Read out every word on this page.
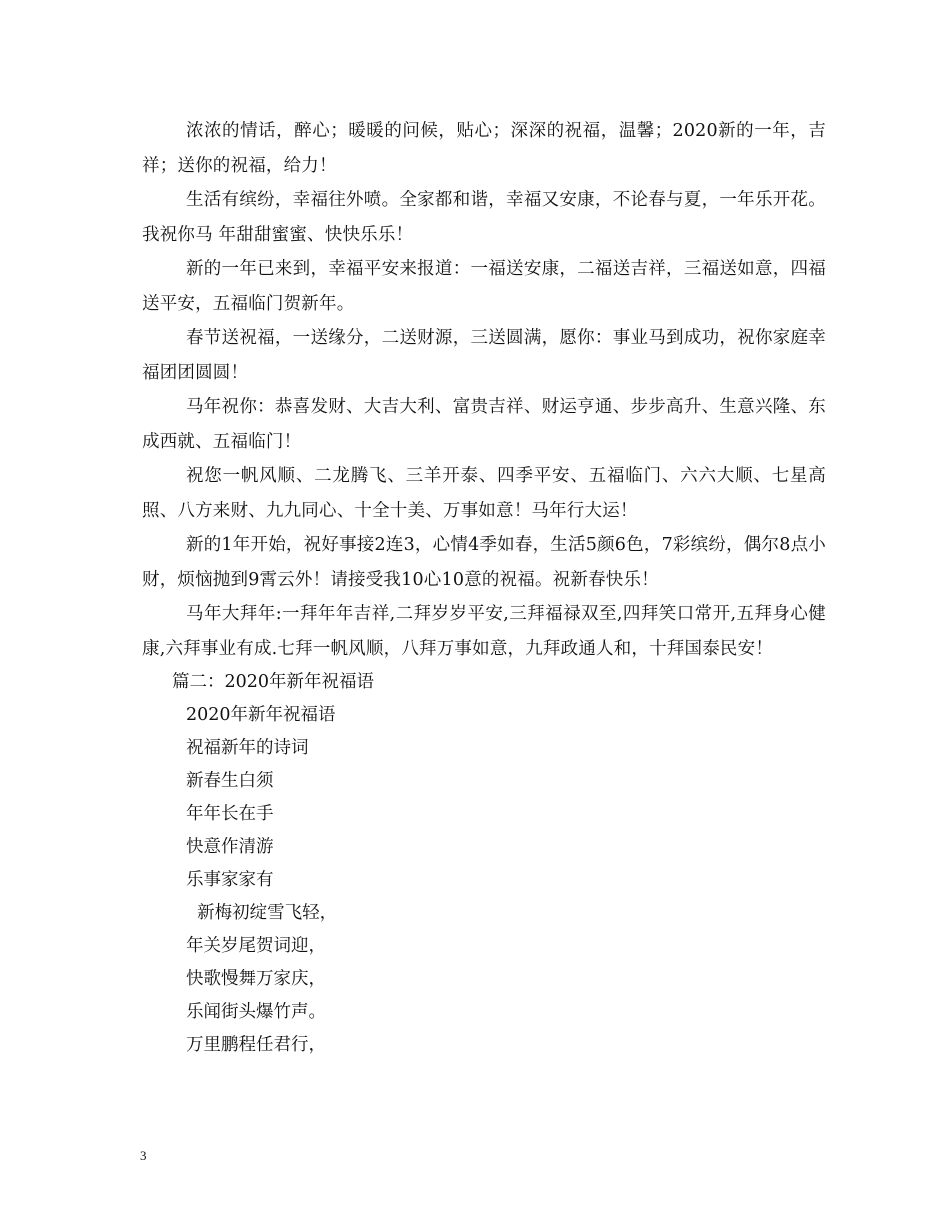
浓浓的情话，醉心；暖暖的问候，贴心；深深的祝福，温馨；2020新的一年，吉祥；送你的祝福，给力！

生活有缤纷，幸福往外喷。全家都和谐，幸福又安康，不论春与夏，一年乐开花。我祝你马 年甜甜蜜蜜、快快乐乐！

新的一年已来到，幸福平安来报道：一福送安康，二福送吉祥，三福送如意，四福送平安，五福临门贺新年。

春节送祝福，一送缘分，二送财源，三送圆满，愿你：事业马到成功，祝你家庭幸福团团圆圆！

马年祝你：恭喜发财、大吉大利、富贵吉祥、财运亨通、步步高升、生意兴隆、东成西就、五福临门！

祝您一帆风顺、二龙腾飞、三羊开泰、四季平安、五福临门、六六大顺、七星高照、八方来财、九九同心、十全十美、万事如意！马年行大运！

新的1年开始，祝好事接2连3，心情4季如春，生活5颜6色，7彩缤纷，偶尔8点小财，烦恼抛到9霄云外！请接受我10心10意的祝福。祝新春快乐！

马年大拜年:一拜年年吉祥,二拜岁岁平安,三拜福禄双至,四拜笑口常开,五拜身心健康,六拜事业有成.七拜一帆风顺，八拜万事如意，九拜政通人和，十拜国泰民安！

篇二：2020年新年祝福语

2020年新年祝福语

祝福新年的诗词

新春生白须

年年长在手

快意作清游

乐事家家有

新梅初绽雪飞轻，

年关岁尾贺词迎，

快歌慢舞万家庆，

乐闻街头爆竹声。

万里鹏程任君行，

3
